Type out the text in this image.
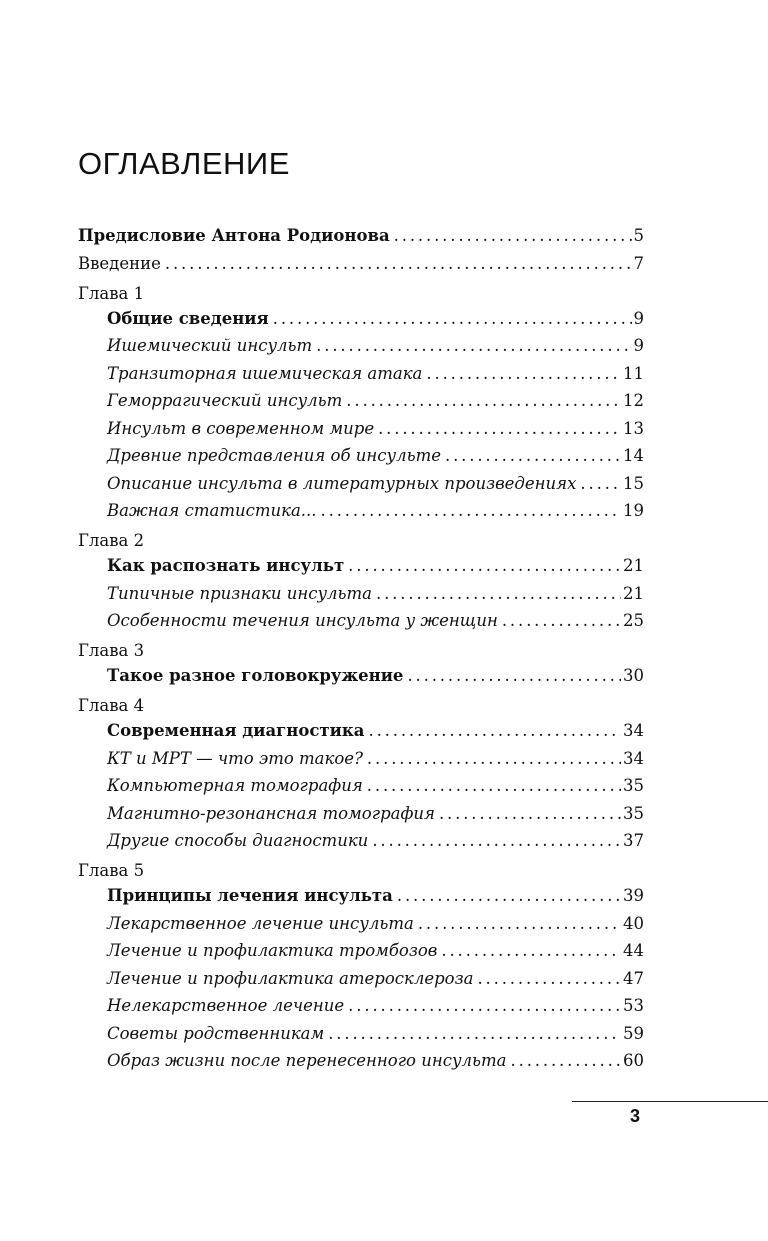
ОГЛАВЛЕНИЕ
Предисловие Антона Родионова . . .	5
Введение . . .	7
Глава 1
Общие сведения . . .	9
Ишемический инсульт . . .	9
Транзиторная ишемическая атака . . .	11
Геморрагический инсульт . . .	12
Инсульт в современном мире . . .	13
Древние представления об инсульте . . .	14
Описание инсульта в литературных произведениях . . .	15
Важная статистика... . . .	19
Глава 2
Как распознать инсульт . . .	21
Типичные признаки инсульта . . .	21
Особенности течения инсульта у женщин . . .	25
Глава 3
Такое разное головокружение . . .	30
Глава 4
Современная диагностика . . .	34
КТ и МРТ — что это такое? . . .	34
Компьютерная томография . . .	35
Магнитно-резонансная томография . . .	35
Другие способы диагностики . . .	37
Глава 5
Принципы лечения инсульта . . .	39
Лекарственное лечение инсульта . . .	40
Лечение и профилактика тромбозов . . .	44
Лечение и профилактика атеросклероза . . .	47
Нелекарственное лечение . . .	53
Советы родственникам . . .	59
Образ жизни после перенесенного инсульта . . .	60
3
